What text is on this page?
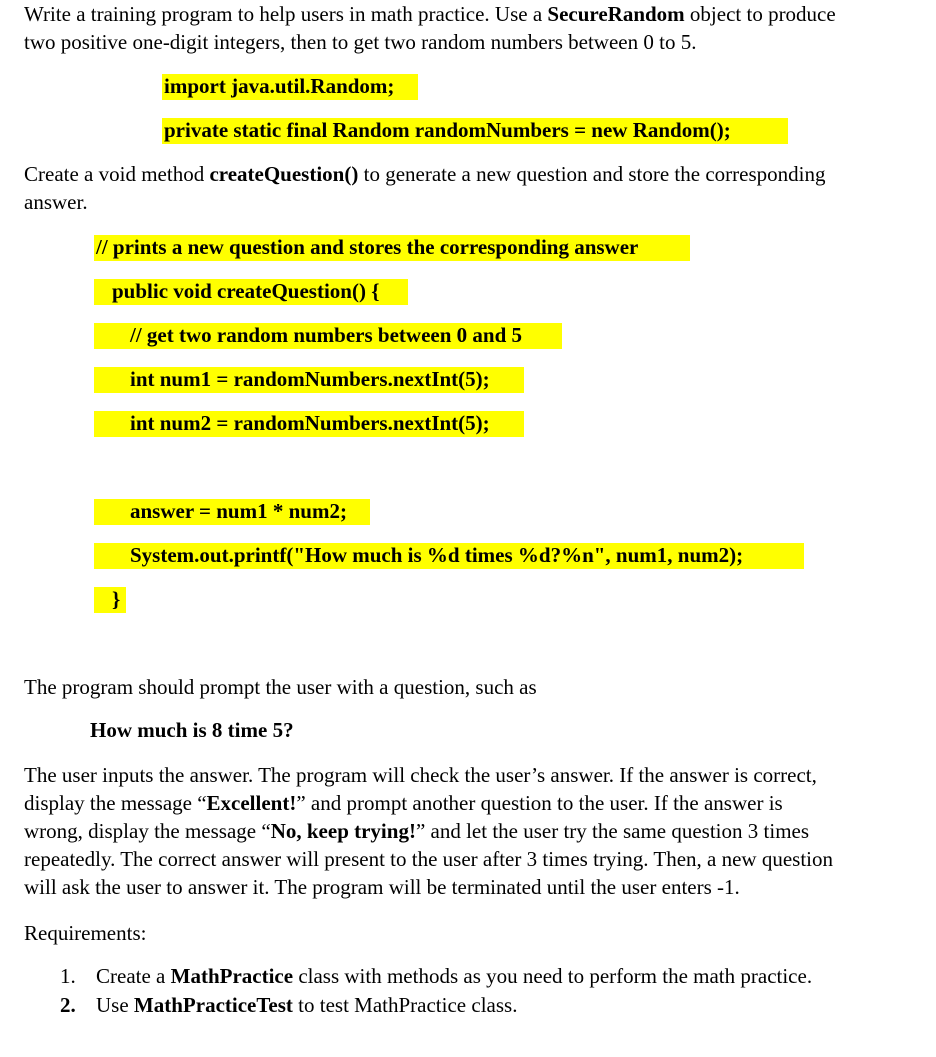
Write a training program to help users in math practice. Use a SecureRandom object to produce
two positive one-digit integers, then to get two random numbers between 0 to 5.
import java.util.Random;
private static final Random randomNumbers = new Random();
Create a void method createQuestion() to generate a new question and store the corresponding
answer.
// prints a new question and stores the corresponding answer
public void createQuestion() {
// get two random numbers between 0 and 5
int num1 = randomNumbers.nextInt(5);
int num2 = randomNumbers.nextInt(5);
answer = num1 * num2;
System.out.printf("How much is %d times %d?%n", num1, num2);
}
The program should prompt the user with a question, such as
How much is 8 time 5?
The user inputs the answer. The program will check the user’s answer. If the answer is correct,
display the message “Excellent!” and prompt another question to the user. If the answer is
wrong, display the message “No, keep trying!” and let the user try the same question 3 times
repeatedly. The correct answer will present to the user after 3 times trying. Then, a new question
will ask the user to answer it. The program will be terminated until the user enters -1.
Requirements:
1. Create a MathPractice class with methods as you need to perform the math practice.
2. Use MathPracticeTest to test MathPractice class.
